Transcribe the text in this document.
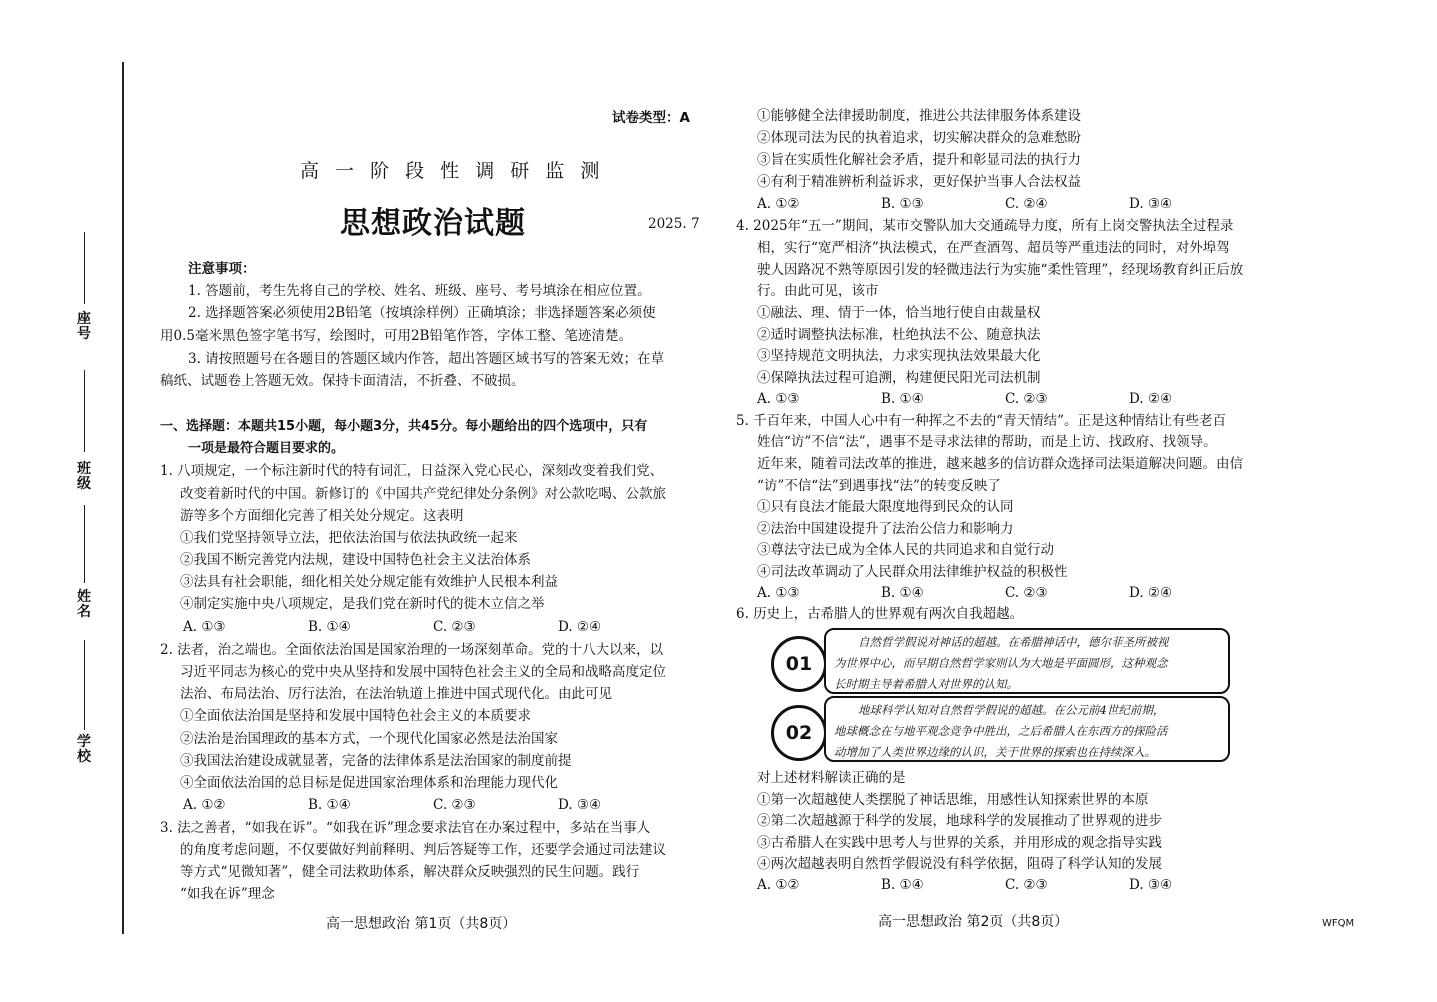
座号
班级
姓名
学校
试卷类型：A
高 一 阶 段 性 调 研 监 测
思想政治试题	2025. 7
注意事项：
1. 答题前，考生先将自己的学校、姓名、班级、座号、考号填涂在相应位置。
2. 选择题答案必须使用2B铅笔（按填涂样例）正确填涂；非选择题答案必须使
用0.5毫米黑色签字笔书写，绘图时，可用2B铅笔作答，字体工整、笔迹清楚。
3. 请按照题号在各题目的答题区域内作答，超出答题区域书写的答案无效；在草
稿纸、试题卷上答题无效。保持卡面清洁，不折叠、不破损。
一、选择题：本题共15小题，每小题3分，共45分。每小题给出的四个选项中，只有
一项是最符合题目要求的。
1. 八项规定，一个标注新时代的特有词汇，日益深入党心民心，深刻改变着我们党、
改变着新时代的中国。新修订的《中国共产党纪律处分条例》对公款吃喝、公款旅
游等多个方面细化完善了相关处分规定。这表明
①我们党坚持领导立法，把依法治国与依法执政统一起来
②我国不断完善党内法规，建设中国特色社会主义法治体系
③法具有社会职能，细化相关处分规定能有效维护人民根本利益
④制定实施中央八项规定，是我们党在新时代的徙木立信之举
A. ①③	B. ①④	C. ②③	D. ②④
2. 法者，治之端也。全面依法治国是国家治理的一场深刻革命。党的十八大以来，以
习近平同志为核心的党中央从坚持和发展中国特色社会主义的全局和战略高度定位
法治、布局法治、厉行法治，在法治轨道上推进中国式现代化。由此可见
①全面依法治国是坚持和发展中国特色社会主义的本质要求
②法治是治国理政的基本方式，一个现代化国家必然是法治国家
③我国法治建设成就显著，完备的法律体系是法治国家的制度前提
④全面依法治国的总目标是促进国家治理体系和治理能力现代化
A. ①②	B. ①④	C. ②③	D. ③④
3. 法之善者，“如我在诉”。“如我在诉”理念要求法官在办案过程中，多站在当事人
的角度考虑问题，不仅要做好判前释明、判后答疑等工作，还要学会通过司法建议
等方式“见微知著”，健全司法救助体系，解决群众反映强烈的民生问题。践行
“如我在诉”理念
①能够健全法律援助制度，推进公共法律服务体系建设
②体现司法为民的执着追求，切实解决群众的急难愁盼
③旨在实质性化解社会矛盾，提升和彰显司法的执行力
④有利于精准辨析利益诉求，更好保护当事人合法权益
A. ①②	B. ①③	C. ②④	D. ③④
4. 2025年“五一”期间，某市交警队加大交通疏导力度，所有上岗交警执法全过程录
相，实行“宽严相济”执法模式，在严查酒驾、超员等严重违法的同时，对外埠驾
驶人因路况不熟等原因引发的轻微违法行为实施“柔性管理”，经现场教育纠正后放
行。由此可见，该市
①融法、理、情于一体，恰当地行使自由裁量权
②适时调整执法标准，杜绝执法不公、随意执法
③坚持规范文明执法，力求实现执法效果最大化
④保障执法过程可追溯，构建便民阳光司法机制
A. ①③	B. ①④	C. ②③	D. ②④
5. 千百年来，中国人心中有一种挥之不去的“青天情结”。正是这种情结让有些老百
姓信“访”不信“法”，遇事不是寻求法律的帮助，而是上访、找政府、找领导。
近年来，随着司法改革的推进，越来越多的信访群众选择司法渠道解决问题。由信
“访”不信“法”到遇事找“法”的转变反映了
①只有良法才能最大限度地得到民众的认同
②法治中国建设提升了法治公信力和影响力
③尊法守法已成为全体人民的共同追求和自觉行动
④司法改革调动了人民群众用法律维护权益的积极性
A. ①③	B. ①④	C. ②③	D. ②④
6. 历史上，古希腊人的世界观有两次自我超越。
01
自然哲学假说对神话的超越。在希腊神话中，德尔菲圣所被视
为世界中心，而早期自然哲学家则认为大地是平面圆形，这种观念
长时期主导着希腊人对世界的认知。
02
地球科学认知对自然哲学假说的超越。在公元前4世纪前期，
地球概念在与地平观念竞争中胜出，之后希腊人在东西方的探险活
动增加了人类世界边缘的认识，关于世界的探索也在持续深入。
对上述材料解读正确的是
①第一次超越使人类摆脱了神话思维，用感性认知探索世界的本原
②第二次超越源于科学的发展，地球科学的发展推动了世界观的进步
③古希腊人在实践中思考人与世界的关系，并用形成的观念指导实践
④两次超越表明自然哲学假说没有科学依据，阻碍了科学认知的发展
A. ①②	B. ①④	C. ②③	D. ③④
高一思想政治 第1页（共8页）	高一思想政治 第2页（共8页）	WFQM
